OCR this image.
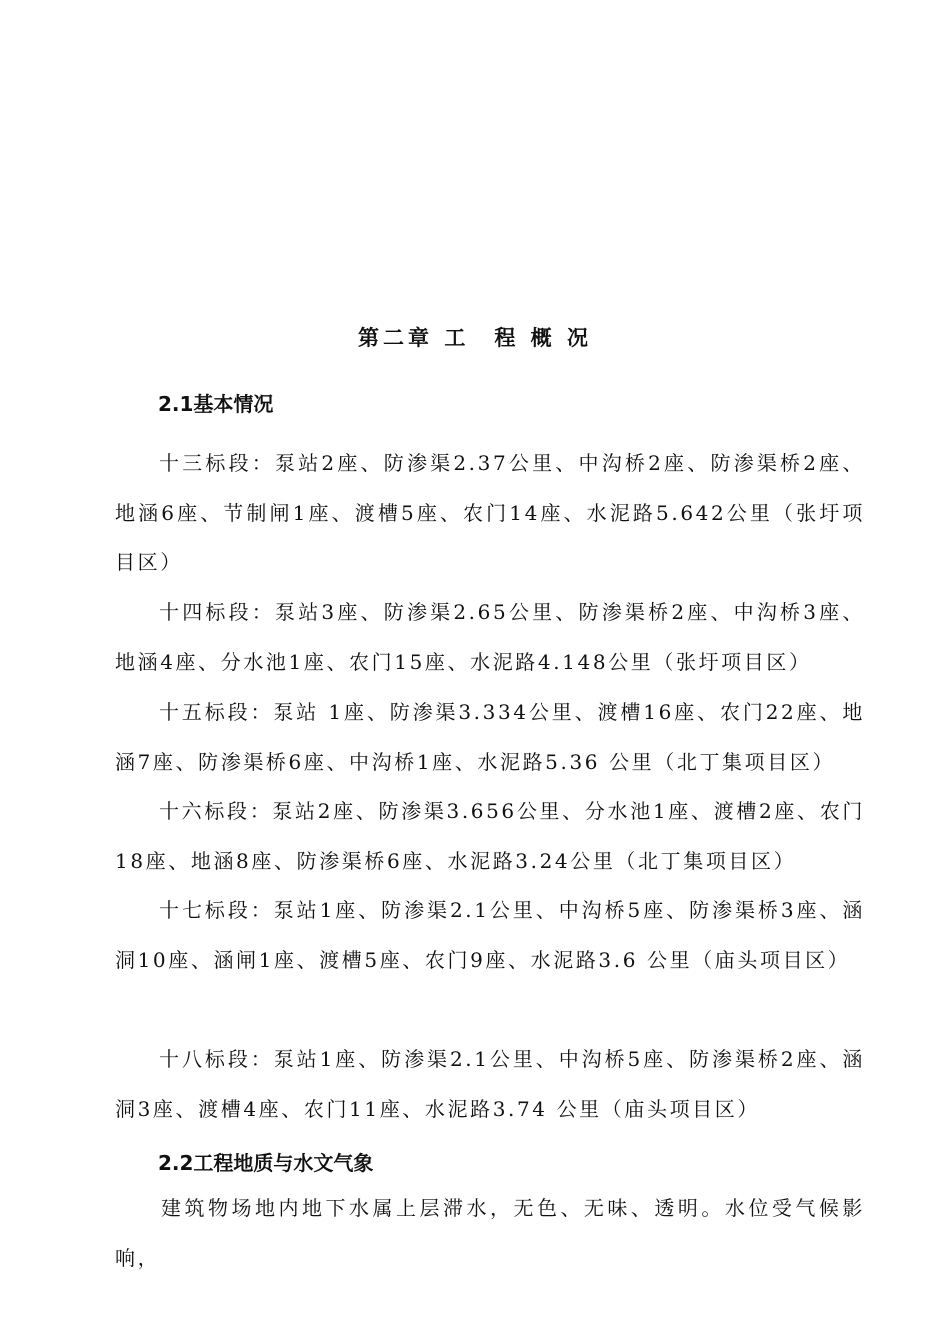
第二章 工　程 概 况
2.1基本情况

十三标段：泵站2座、防渗渠2.37公里、中沟桥2座、防渗渠桥2座、地涵6座、节制闸1座、渡槽5座、农门14座、水泥路5.642公里（张圩项目区）

十四标段：泵站3座、防渗渠2.65公里、防渗渠桥2座、中沟桥3座、地涵4座、分水池1座、农门15座、水泥路4.148公里（张圩项目区）

十五标段：泵站 1座、防渗渠3.334公里、渡槽16座、农门22座、地涵7座、防渗渠桥6座、中沟桥1座、水泥路5.36 公里（北丁集项目区）

十六标段：泵站2座、防渗渠3.656公里、分水池1座、渡槽2座、农门18座、地涵8座、防渗渠桥6座、水泥路3.24公里（北丁集项目区）

十七标段：泵站1座、防渗渠2.1公里、中沟桥5座、防渗渠桥3座、涵洞10座、涵闸1座、渡槽5座、农门9座、水泥路3.6 公里（庙头项目区）

十八标段：泵站1座、防渗渠2.1公里、中沟桥5座、防渗渠桥2座、涵洞3座、渡槽4座、农门11座、水泥路3.74 公里（庙头项目区）

2.2工程地质与水文气象

建筑物场地内地下水属上层滞水，无色、无味、透明。水位受气候影响，
